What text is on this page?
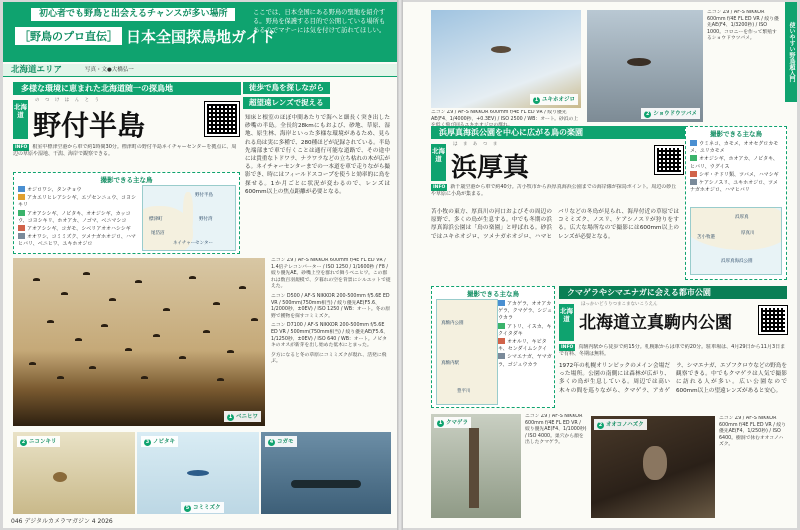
初心者でも野鳥と出会えるチャンスが多い場所
［野鳥のプロ直伝］ 日本全国探鳥地ガイド
ここでは、日本全国にある野鳥の聖地を紹介する。野鳥を保護する目的で公開している場所もあるのでマナーには気を付けて訪れてほしい。
北海道エリア	写真・文●大橋弘一
多様な環境に恵まれた北海道随一の探鳥地
北海道
の つ け は ん と う
野付半島
徒歩で鳥を探しながら
超望遠レンズで捉える
INFO 根室中標津空港から車で約1時間30分。標津町の野付半島ネイチャーセンターを拠点に、周辺の草原や湿地、干潟、海岸で観察できる。
知床と根室のほぼ中間あたりで海へと細長く突き出した砂嘴の半島。全長約28kmにもおよび、砂地、草原、湿地、原生林、海岸といった多様な環境があるため、見られる鳥は実に多種で、280種ほどが記録されている。半島先端部まで車で行くことは通行可能な道路で、その途中には貴重なトドワラ、ナラワラなどの立ち枯れの木が広がる。ネイチャーセンターまでの一本道を車で走りながら撮影でき、時にはフィールドスコープを使うと効率的に鳥を探せる。1か月ごとに状況が変わるので、レンズは600mm以上の焦点距離が必要となる。
撮影できる主な鳥
オジロワシ、タンチョウ
アカエリヒレアシシギ、エゾセンニュウ、コヨシキリ
アオアシシギ、ノビタキ、オオジシギ、カッコウ、コヨシキリ、ホオアカ、ノゴマ、ベニマシコ
アオアシシギ、コガモ、シベリアオオハシシギ
オオワシ、コミミズク、ツメナガホオジロ、ハマヒバリ、ベニヒワ、ユキホオジロ
野付半島
標津町	野付湾
尾岱沼
ネイチャーセンター
1 ベニヒワ
ニコン Z9 / AF-S NIKKOR 600mm f/4E FL ED VR / 1.4倍テレコンバーター / ISO 1250 / 1/1600秒 / F8 / 絞り優先AE。砂嘴上空を群れで舞うベニヒワ。この群れは数百羽規模で、夕暮れの空を背景にシルエットで捉えた。
ニコン D500 / AF-S NIKKOR 200-500mm f/5.6E ED VR / 500mm(750mm相当) / 絞り優先AE(F5.6、1/2000秒、±0EV) / ISO 1250 / WB：オート。冬の原野で獲物を探すコミミズク。
ニコン D7100 / AF-S NIKKOR 200-500mm f/5.6E ED VR / 500mm(750mm相当) / 絞り優先AE(F5.6、1/1250秒、±0EV) / ISO 640 / WB：オート。ノビタキのオスが新芽を出し始めた低木にとまった。
夕方になると冬の草原にコミミズクが現れ、活発に飛ぶ。
2 ニコンキリ	3 ノビタキ	4 コガモ
5 コミミズク
046 デジタルカメラマガジン 4 2026
使いやすい野鳥超入門
1 ユキホオジロ
ニコン Z9 / AF-S NIKKOR 600mm f/4E FL ED VR / 絞り優先AE(F4、1/4000秒、+0.3EV) / ISO 2500 / WB：オート。砂浜の上
2 ショウドウツバメ
ニコン Z9 / AF-S NIKKOR 600mm f/4E FL ED VR / 絞り優先AE(F4、1/3200秒) / ISO 1000。コロニーを作って繁殖するショウドウツバメ。
浜厚真海浜公園を中心に広がる鳥の楽園
北海道
は ま あ つ ま
浜厚真
INFO 新千歳空港から車で約40分。苫小牧市から浜厚真海浜公園までの海岸線が探鳥ポイント。周辺の砂丘や草原に小鳥が集まる。
苫小牧の東方、厚真川の河口およびその周辺の原野で、多くの鳥が生息する。中でも冬期の浜厚真海浜公園は「鳥の楽園」と呼ばれる。砂浜ではユキホオジロ、ツメナガホオジロ、ハマヒバリなどの冬鳥が見られ、海岸付近の草原ではコミミズク、ノスリ、ケアシノスリが狩りをする。広大な場所なので撮影には600mm以上のレンズが必要となる。
撮影できる主な鳥
ウミネコ、カモメ、オオセグロカモメ、ユリカモメ
オオジシギ、ホオアカ、ノビタキ、ヒバリ、ウグイス
シギ・チドリ類、ツバメ、ハマシギ
ケアシノスリ、ユキホオジロ、ツメナガホオジロ、ハマヒバリ
浜厚真
苫小牧港
厚真川
浜厚真海浜公園
撮影できる主な鳥
真駒内公園
真駒内駅
豊平川
アカゲラ、オオアカゲラ、クマゲラ、シジュウカラ
アトリ、イスカ、キクイタダキ
オオルリ、キビタキ、センダイムシクイ
シマエナガ、ヤマガラ、ゴジュウカラ
クマゲラやシマエナガに会える都市公園
北海道
ほっかいどうりつまこまないこうえん
北海道立真駒内公園
INFO 真駒内駅から徒歩で約15分。札幌駅からは車で約20分。駐車場は、4月29日から11月3日まで有料、冬期は無料。
1972年の札幌オリンピックのメイン会場だった場所。公園の南側には森林が広がり、多くの鳥が生息している。周辺では高い木々の間を巡りながら、クマゲラ、アカゲラ、シマエナガ、エゾフクロウなどの野鳥を観察できる。中でもクマゲラは人気で撮影に訪れる人が多い。広い公園なので600mm以上の望遠レンズがあると安心。
1 クマゲラ
ニコン Z9 / AF-S NIKKOR 600mm f/4E FL ED VR / 絞り優先AE(F4、1/1000秒) / ISO 4000。巣穴から顔を出したクマゲラ。
2 オオコノハズク
ニコン Z9 / AF-S NIKKOR 600mm f/4E FL ED VR / 絞り優先AE(F4、1/250秒) / ISO 6400。樹洞で休むオオコノハズク。
